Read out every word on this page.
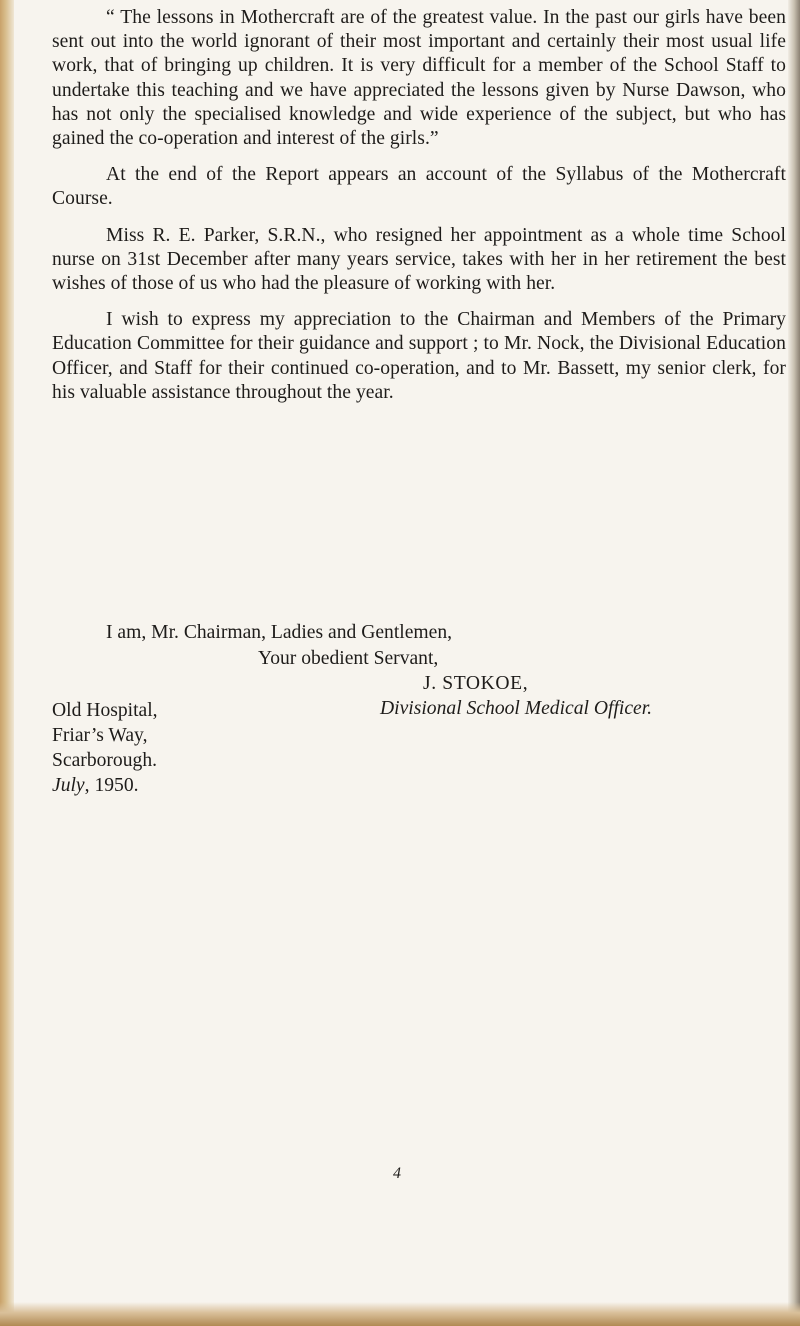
“ The lessons in Mothercraft are of the greatest value. In the past our girls have been sent out into the world ignorant of their most important and certainly their most usual life work, that of bringing up children. It is very difficult for a member of the School Staff to undertake this teaching and we have appreciated the lessons given by Nurse Dawson, who has not only the specialised knowledge and wide experience of the subject, but who has gained the co-operation and interest of the girls.”

At the end of the Report appears an account of the Syllabus of the Mothercraft Course.

Miss R. E. Parker, S.R.N., who resigned her appointment as a whole time School nurse on 31st December after many years service, takes with her in her retirement the best wishes of those of us who had the pleasure of working with her.

I wish to express my appreciation to the Chairman and Members of the Primary Education Committee for their guidance and support ; to Mr. Nock, the Divisional Education Officer, and Staff for their continued co-operation, and to Mr. Bassett, my senior clerk, for his valuable assistance throughout the year.

I am, Mr. Chairman, Ladies and Gentlemen,
Your obedient Servant,
J. STOKOE,
Divisional School Medical Officer.
Old Hospital,
Friar’s Way,
Scarborough.
July, 1950.
4
